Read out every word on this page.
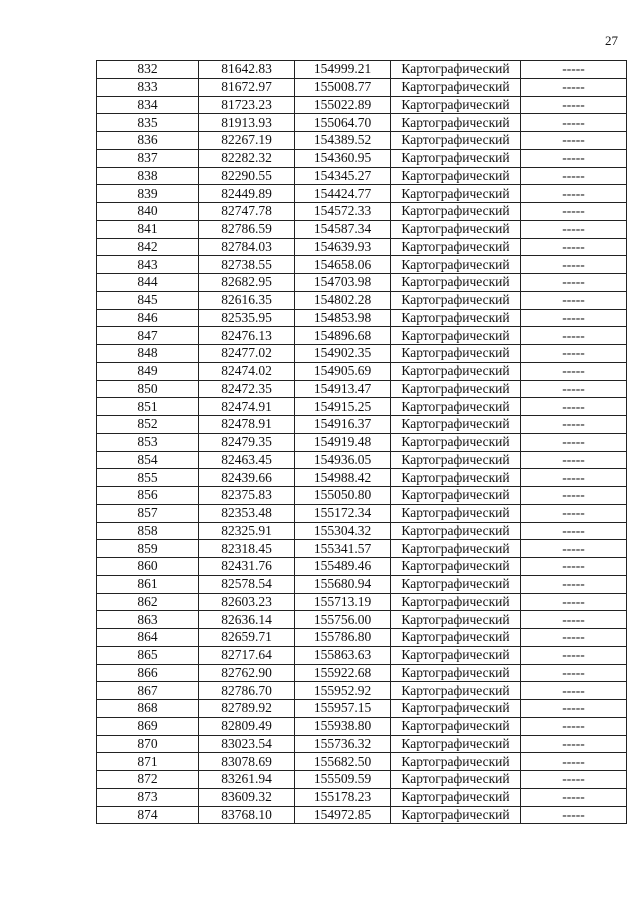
27
832	81642.83	154999.21	Картографический	-----
833	81672.97	155008.77	Картографический	-----
834	81723.23	155022.89	Картографический	-----
835	81913.93	155064.70	Картографический	-----
836	82267.19	154389.52	Картографический	-----
837	82282.32	154360.95	Картографический	-----
838	82290.55	154345.27	Картографический	-----
839	82449.89	154424.77	Картографический	-----
840	82747.78	154572.33	Картографический	-----
841	82786.59	154587.34	Картографический	-----
842	82784.03	154639.93	Картографический	-----
843	82738.55	154658.06	Картографический	-----
844	82682.95	154703.98	Картографический	-----
845	82616.35	154802.28	Картографический	-----
846	82535.95	154853.98	Картографический	-----
847	82476.13	154896.68	Картографический	-----
848	82477.02	154902.35	Картографический	-----
849	82474.02	154905.69	Картографический	-----
850	82472.35	154913.47	Картографический	-----
851	82474.91	154915.25	Картографический	-----
852	82478.91	154916.37	Картографический	-----
853	82479.35	154919.48	Картографический	-----
854	82463.45	154936.05	Картографический	-----
855	82439.66	154988.42	Картографический	-----
856	82375.83	155050.80	Картографический	-----
857	82353.48	155172.34	Картографический	-----
858	82325.91	155304.32	Картографический	-----
859	82318.45	155341.57	Картографический	-----
860	82431.76	155489.46	Картографический	-----
861	82578.54	155680.94	Картографический	-----
862	82603.23	155713.19	Картографический	-----
863	82636.14	155756.00	Картографический	-----
864	82659.71	155786.80	Картографический	-----
865	82717.64	155863.63	Картографический	-----
866	82762.90	155922.68	Картографический	-----
867	82786.70	155952.92	Картографический	-----
868	82789.92	155957.15	Картографический	-----
869	82809.49	155938.80	Картографический	-----
870	83023.54	155736.32	Картографический	-----
871	83078.69	155682.50	Картографический	-----
872	83261.94	155509.59	Картографический	-----
873	83609.32	155178.23	Картографический	-----
874	83768.10	154972.85	Картографический	-----
